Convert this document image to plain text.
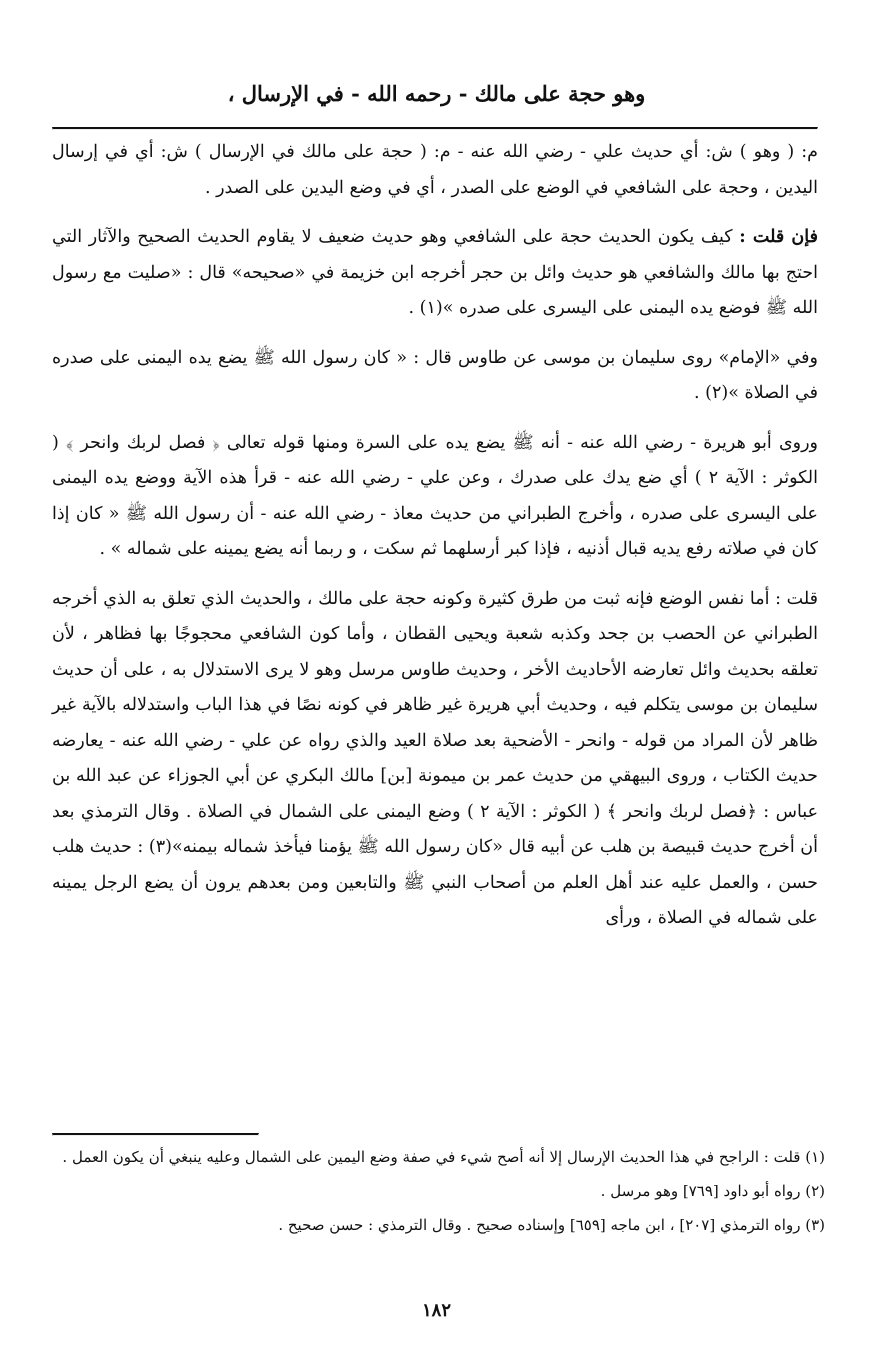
وهو حجة على مالك - رحمه الله - في الإرسال ،

م: ( وهو ) ش: أي حديث علي - رضي الله عنه - م: ( حجة على مالك في الإرسال ) ش: أي في إرسال اليدين ، وحجة على الشافعي في الوضع على الصدر ، أي في وضع اليدين على الصدر .

فإن قلت : كيف يكون الحديث حجة على الشافعي وهو حديث ضعيف لا يقاوم الحديث الصحيح والآثار التي احتج بها مالك والشافعي هو حديث وائل بن حجر أخرجه ابن خزيمة في «صحيحه» قال : «صليت مع رسول الله ﷺ فوضع يده اليمنى على اليسرى على صدره »(١) .

وفي «الإمام» روى سليمان بن موسى عن طاوس قال : « كان رسول الله ﷺ يضع يده اليمنى على صدره في الصلاة »(٢) .

وروى أبو هريرة - رضي الله عنه - أنه ﷺ يضع يده على السرة ومنها قوله تعالى ﴿ فصل لربك وانحر ﴾ ( الكوثر : الآية ٢ ) أي ضع يدك على صدرك ، وعن علي - رضي الله عنه - قرأ هذه الآية ووضع يده اليمنى على اليسرى على صدره ، وأخرج الطبراني من حديث معاذ - رضي الله عنه - أن رسول الله ﷺ « كان إذا كان في صلاته رفع يديه قبال أذنيه ، فإذا كبر أرسلهما ثم سكت ، و ربما أنه يضع يمينه على شماله » .

قلت : أما نفس الوضع فإنه ثبت من طرق كثيرة وكونه حجة على مالك ، والحديث الذي تعلق به الذي أخرجه الطبراني عن الحصب بن جحد وكذبه شعبة ويحيى القطان ، وأما كون الشافعي محجوجًا بها فظاهر ، لأن تعلقه بحديث وائل تعارضه الأحاديث الأخر ، وحديث طاوس مرسل وهو لا يرى الاستدلال به ، على أن حديث سليمان بن موسى يتكلم فيه ، وحديث أبي هريرة غير ظاهر في كونه نصًا في هذا الباب واستدلاله بالآية غير ظاهر لأن المراد من قوله - وانحر - الأضحية بعد صلاة العيد والذي رواه عن علي - رضي الله عنه - يعارضه حديث الكتاب ، وروى البيهقي من حديث عمر بن ميمونة [بن] مالك البكري عن أبي الجوزاء عن عبد الله بن عباس : ﴿فصل لربك وانحر ﴾ ( الكوثر : الآية ٢ ) وضع اليمنى على الشمال في الصلاة . وقال الترمذي بعد أن أخرج حديث قبيصة بن هلب عن أبيه قال «كان رسول الله ﷺ يؤمنا فيأخذ شماله بيمنه»(٣) : حديث هلب حسن ، والعمل عليه عند أهل العلم من أصحاب النبي ﷺ والتابعين ومن بعدهم يرون أن يضع الرجل يمينه على شماله في الصلاة ، ورأى

(١) قلت : الراجح في هذا الحديث الإرسال إلا أنه أصح شيء في صفة وضع اليمين على الشمال وعليه ينبغي أن يكون العمل .

(٢) رواه أبو داود [٧٦٩] وهو مرسل .

(٣) رواه الترمذي [٢٠٧] ، ابن ماجه [٦٥٩] وإسناده صحيح . وقال الترمذي : حسن صحيح .

١٨٢
